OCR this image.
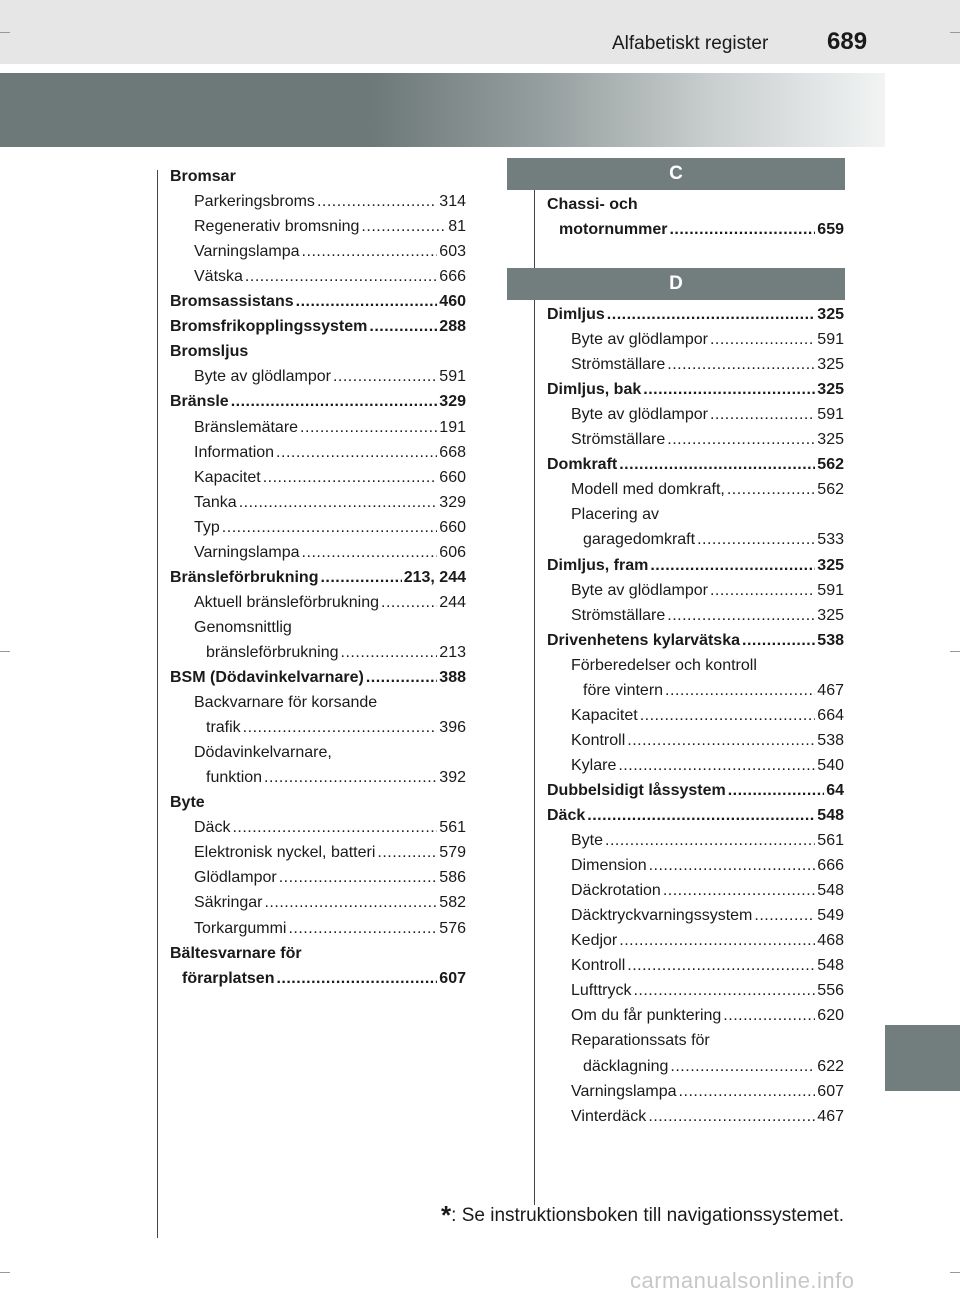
Alfabetiskt register 689
Bromsar
Parkeringsbroms .....	314
Regenerativ bromsning .....	81
Varningslampa .....	603
Vätska .....	666
Bromsassistans .....	460
Bromsfrikopplingssystem .....	288
Bromsljus
Byte av glödlampor .....	591
Bränsle .....	329
Bränslemätare .....	191
Information .....	668
Kapacitet .....	660
Tanka .....	329
Typ .....	660
Varningslampa .....	606
Bränsleförbrukning .....	213, 244
Aktuell bränsleförbrukning .....	244
Genomsnittlig
bränsleförbrukning .....	213
BSM (Dödavinkelvarnare) .....	388
Backvarnare för korsande
trafik .....	396
Dödavinkelvarnare,
funktion .....	392
Byte
Däck .....	561
Elektronisk nyckel, batteri .....	579
Glödlampor .....	586
Säkringar .....	582
Torkargummi .....	576
Bältesvarnare för
förarplatsen .....	607
C
Chassi- och
motornummer .....	659
D
Dimljus .....	325
Byte av glödlampor .....	591
Strömställare .....	325
Dimljus, bak .....	325
Byte av glödlampor .....	591
Strömställare .....	325
Domkraft .....	562
Modell med domkraft, .....	562
Placering av
garagedomkraft .....	533
Dimljus, fram .....	325
Byte av glödlampor .....	591
Strömställare .....	325
Drivenhetens kylarvätska .....	538
Förberedelser och kontroll
före vintern .....	467
Kapacitet .....	664
Kontroll .....	538
Kylare .....	540
Dubbelsidigt låssystem .....	64
Däck .....	548
Byte .....	561
Dimension .....	666
Däckrotation .....	548
Däcktryckvarningssystem .....	549
Kedjor .....	468
Kontroll .....	548
Lufttryck .....	556
Om du får punktering .....	620
Reparationssats för
däcklagning .....	622
Varningslampa .....	607
Vinterdäck .....	467
*: Se instruktionsboken till navigationssystemet.
carmanualsonline.info
